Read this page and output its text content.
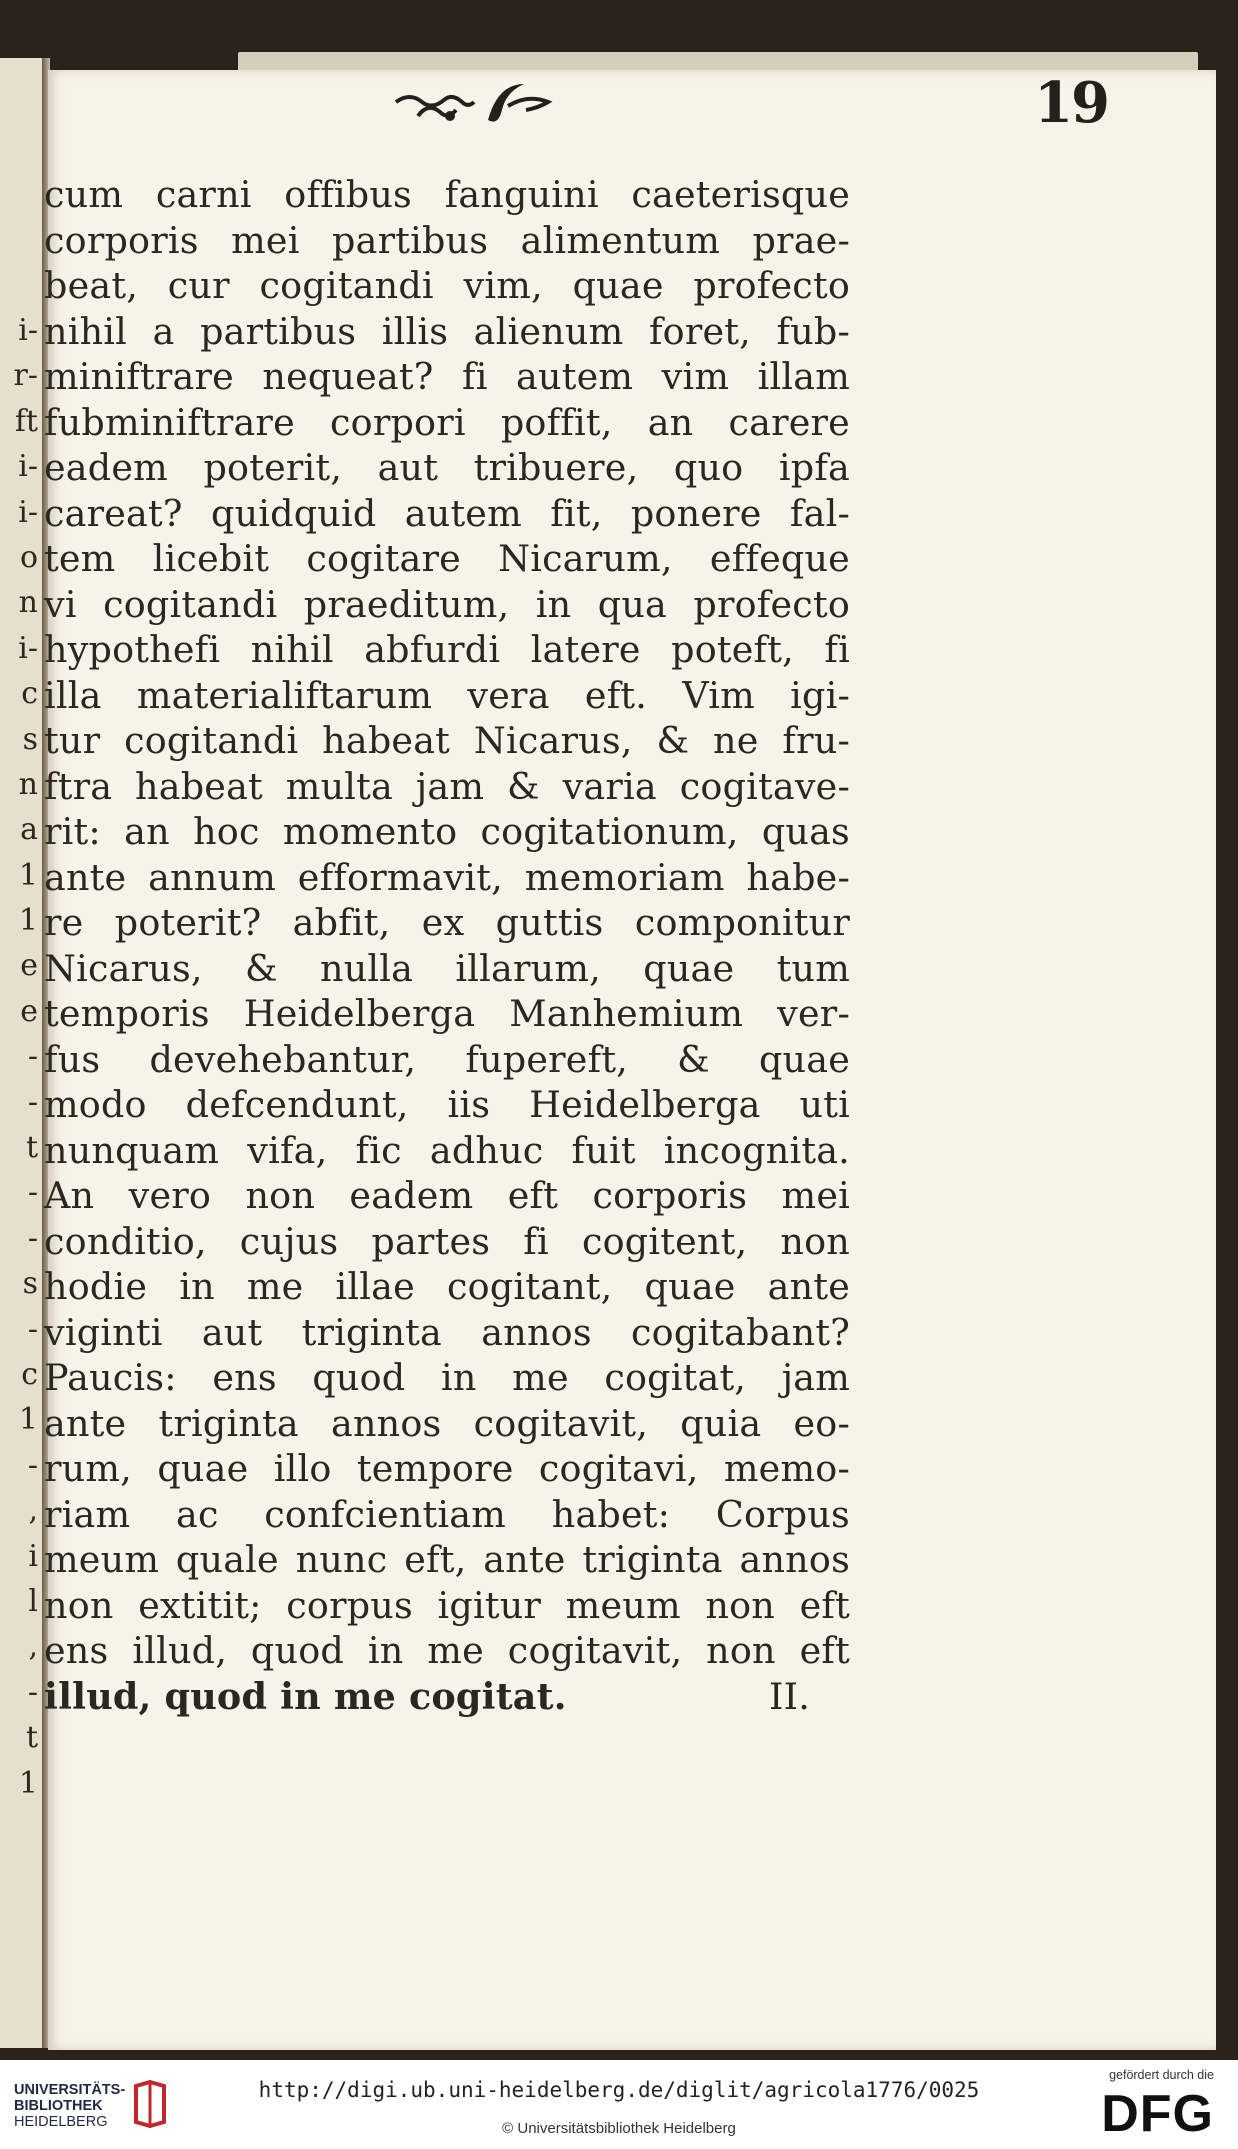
i-
r-
ft
i-
i-
o
n
i-
c
s
n
a
1
1
e
e
-
-
t
-
-
s
-
c
1
-
,
i
l
,
-
t
1
19
cum carni offibus fanguini caeterisque
corporis mei partibus alimentum prae-
beat, cur cogitandi vim, quae profecto
nihil a partibus illis alienum foret, fub-
miniftrare nequeat? fi autem vim illam
fubminiftrare corpori poffit, an carere
eadem poterit, aut tribuere, quo ipfa
careat? quidquid autem fit, ponere fal-
tem licebit cogitare Nicarum, effeque
vi cogitandi praeditum, in qua profecto
hypothefi nihil abfurdi latere poteft, fi
illa materialiftarum vera eft. Vim igi-
tur cogitandi habeat Nicarus, & ne fru-
ftra habeat multa jam & varia cogitave-
rit: an hoc momento cogitationum, quas
ante annum efformavit, memoriam habe-
re poterit? abfit, ex guttis componitur
Nicarus, & nulla illarum, quae tum
temporis Heidelberga Manhemium ver-
fus devehebantur, fupereft, & quae
modo defcendunt, iis Heidelberga uti
nunquam vifa, fic adhuc fuit incognita.
An vero non eadem eft corporis mei
conditio, cujus partes fi cogitent, non
hodie in me illae cogitant, quae ante
viginti aut triginta annos cogitabant?
Paucis: ens quod in me cogitat, jam
ante triginta annos cogitavit, quia eo-
rum, quae illo tempore cogitavi, memo-
riam ac confcientiam habet: Corpus
meum quale nunc eft, ante triginta annos
non extitit; corpus igitur meum non eft
ens illud, quod in me cogitavit, non eft
illud, quod in me cogitat.	II.
UNIVERSITÄTS-
BIBLIOTHEK

HEIDELBERG
http://digi.ub.uni-heidelberg.de/diglit/agricola1776/0025
© Universitätsbibliothek Heidelberg
gefördert durch die
DFG
